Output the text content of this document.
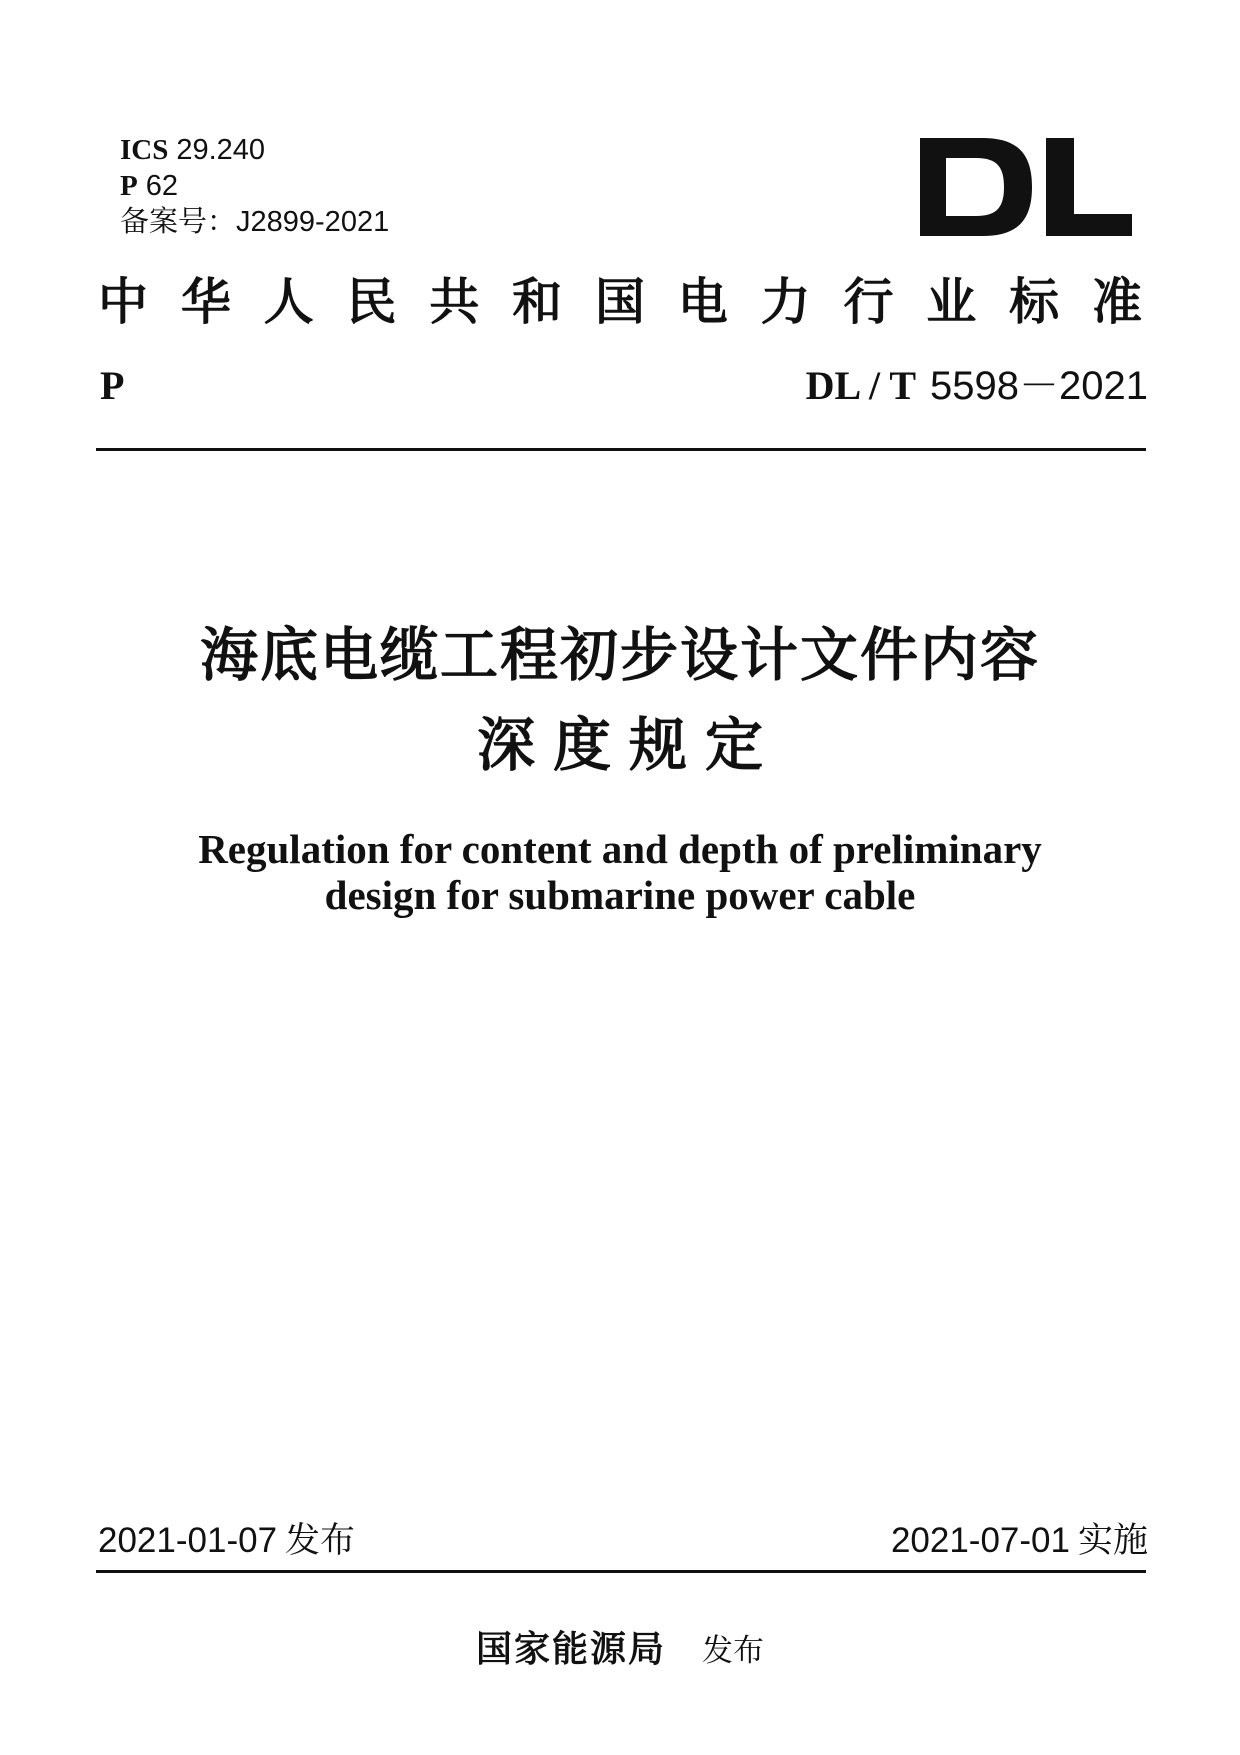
ICS 29.240
P 62
备案号： J2899-2021
中 华 人 民 共 和 国 电 力 行 业 标 准
P	DL / T 5598－2021
海底电缆工程初步设计文件内容
深度规定
Regulation for content and depth of preliminary
design for submarine power cable
2021-01-07 发布	2021-07-01 实施
国家能源局 发布
